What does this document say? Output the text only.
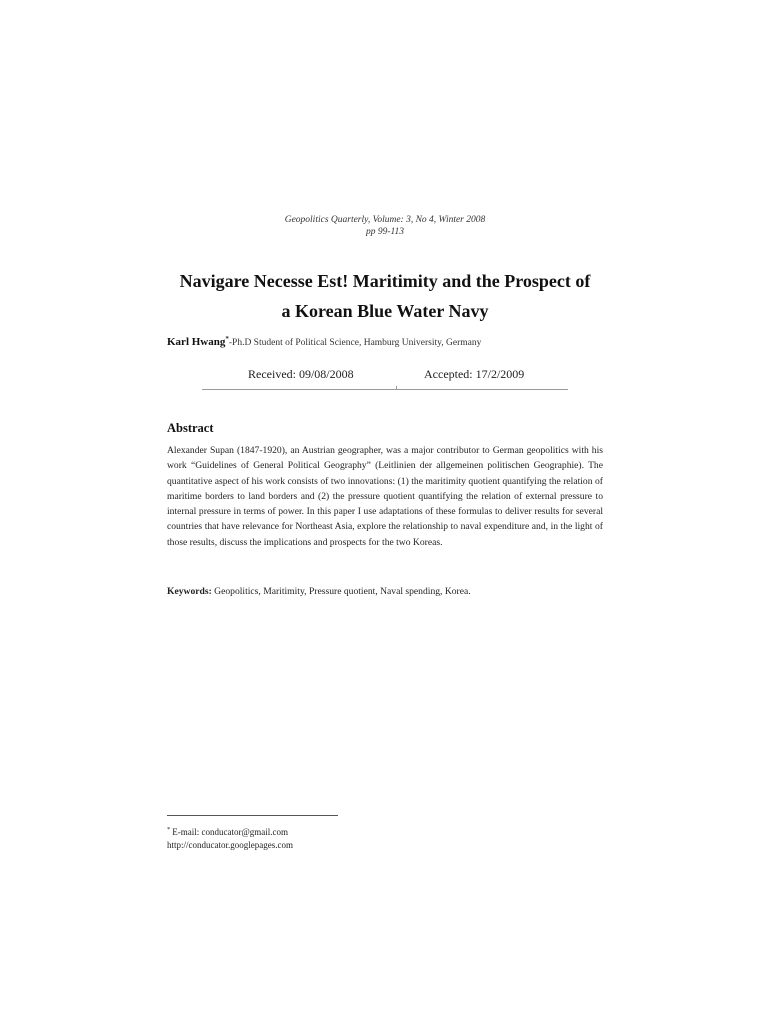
Geopolitics Quarterly, Volume: 3, No 4, Winter 2008
pp 99-113
Navigare Necesse Est! Maritimity and the Prospect of
a Korean Blue Water Navy
Karl Hwang*-Ph.D Student of Political Science, Hamburg University, Germany
Received: 09/08/2008	Accepted: 17/2/2009
Abstract
Alexander Supan (1847-1920), an Austrian geographer, was a major contributor to German geopolitics with his work “Guidelines of General Political Geography” (Leitlinien der allgemeinen politischen Geographie). The quantitative aspect of his work consists of two innovations: (1) the maritimity quotient quantifying the relation of maritime borders to land borders and (2) the pressure quotient quantifying the relation of external pressure to internal pressure in terms of power. In this paper I use adaptations of these formulas to deliver results for several countries that have relevance for Northeast Asia, explore the relationship to naval expenditure and, in the light of those results, discuss the implications and prospects for the two Koreas.
Keywords: Geopolitics, Maritimity, Pressure quotient, Naval spending, Korea.
* E-mail: conducator@gmail.com
http://conducator.googlepages.com
